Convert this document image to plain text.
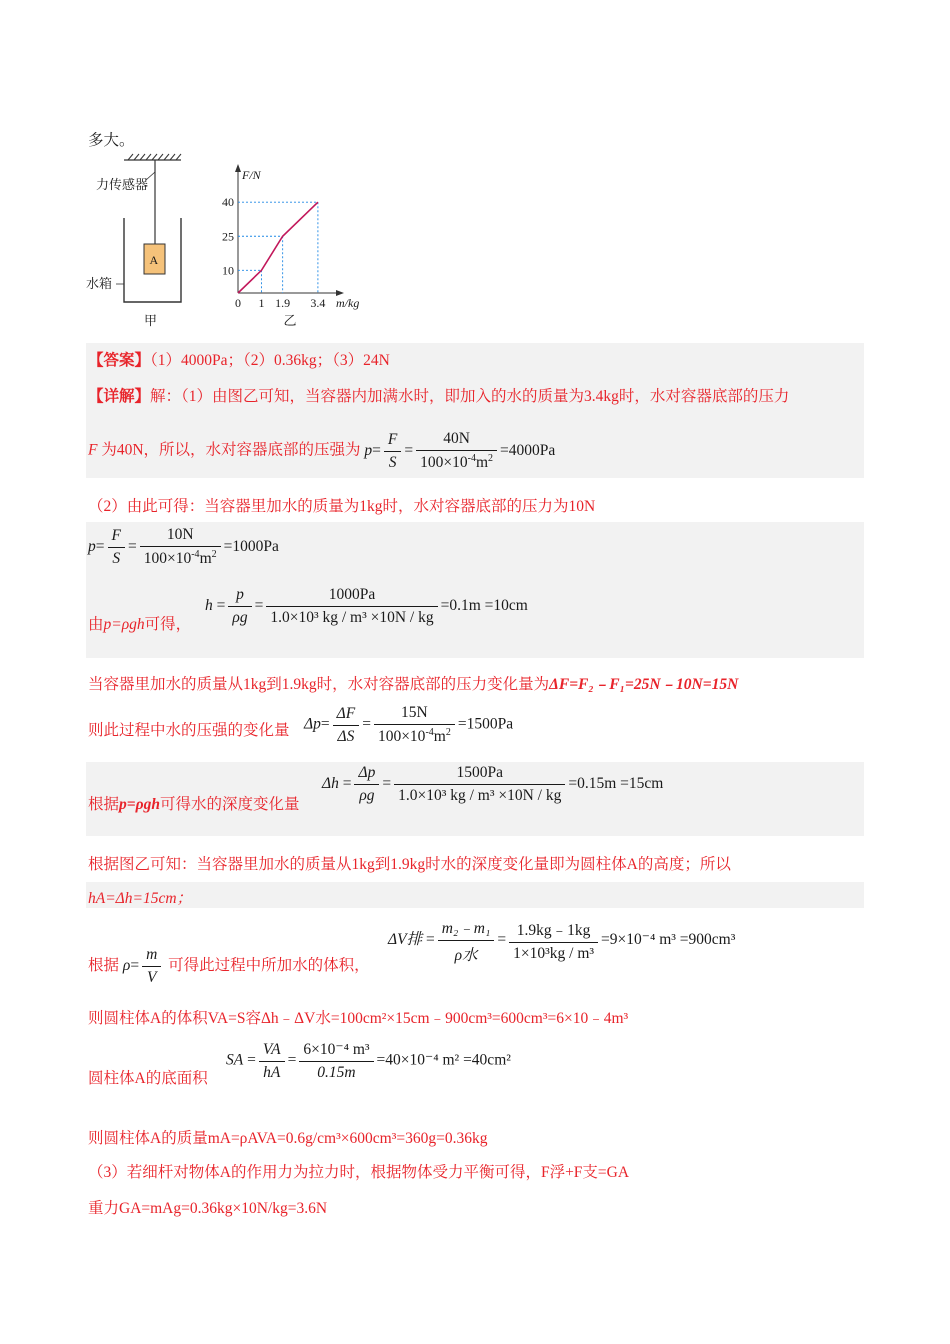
多大。
力传感器
A
水箱
甲
40
25
10
0 1 1.9 3.4
F/N
m/kg
乙
【答案】（1）4000Pa；（2）0.36kg；（3）24N
【详解】解：（1）由图乙可知，当容器内加满水时，即加入的水的质量为3.4kg时，水对容器底部的压力
F 为40N，所以，水对容器底部的压强为 $p= \frac{F}{S} = \frac{40N}{100\times 10^{-4}m^2} =4000Pa$
（2）由此可得：当容器里加水的质量为1kg时，水对容器底部的压力为10N
$p= \frac{F}{S} = \frac{10N}{100\times 10^{-4}m^2} =1000Pa$
由p=ρgh可得，
$h = \frac{p}{\rho g} = \frac{1000Pa}{\text{1.0×10³ kg / m³ ×10N / kg}} =0.1m =10cm$
当容器里加水的质量从1kg到1.9kg时，水对容器底部的压力变化量为ΔF=F₂﹣F₁=25N﹣10N=15N
则此过程中水的压强的变化量 $\Delta p= \frac{\Delta F}{\Delta S} = \frac{15N}{100\times 10^{-4}m^2} =1500Pa$
根据p=ρgh可得水的深度变化量
$\Delta h = \frac{\Delta p}{\rho g} = \frac{1500Pa}{\text{1.0×10³ kg / m³ ×10N / kg}} =0.15m =15cm$
根据图乙可知：当容器里加水的质量从1kg到1.9kg时水的深度变化量即为圆柱体A的高度；所以
hA=Δh=15cm；
根据 $\rho= \frac{m}{V}$ 可得此过程中所加水的体积，
ΔV排 = $\frac{\text{m₂﹣m₁}}{\text{ρ水}} = \frac{1.9kg﹣1kg}{\text{1×10³kg / m³}} =9\times 10^{-4}$ m³ =900cm³
则圆柱体A的体积VA=S容Δh﹣ΔV水=100cm²×15cm﹣900cm³=600cm³=6×10﹣4m³
圆柱体A的底面积
SA = $\frac{VA}{hA} = \frac{\text{6×10⁻⁴ m³}}{0.15m} =40\times 10^{-4}$ m² =40cm²
则圆柱体A的质量mA=ρAVA=0.6g/cm³×600cm³=360g=0.36kg
（3）若细杆对物体A的作用力为拉力时，根据物体受力平衡可得，F浮+F支=GA
重力GA=mAg=0.36kg×10N/kg=3.6N
